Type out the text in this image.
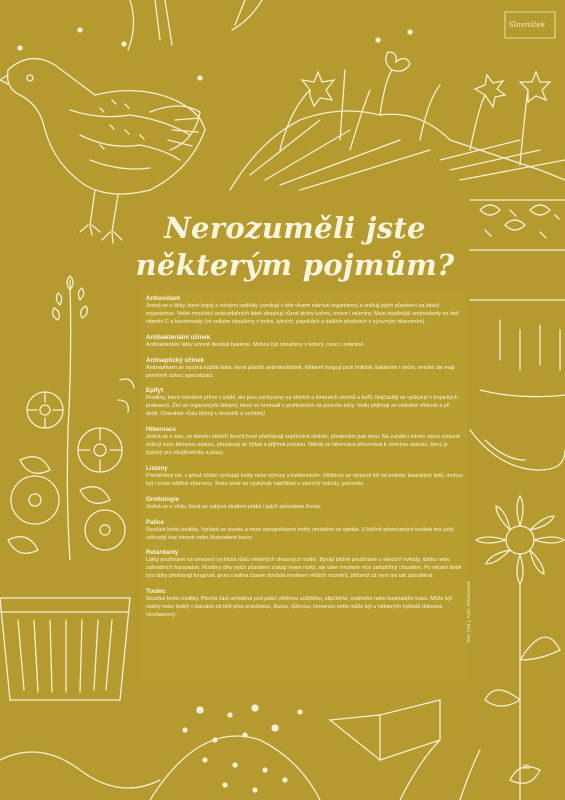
Slovníček
Nerozuměli jste
některým pojmům?

Antioxidant

Jedná se o látky, které bojují s volnými radikály (vznikají v těle vlivem stárnutí organismu) a snižují jejich působení na lidský organismus. Velké množství antioxidačních látek obsahují různé druhy koření, ovoce i zeleniny. Mezi nejsilnější antioxidanty se řadí vitamín C a karotenoidy (ve velkém obsaženy v mrkvi, tykvích, paprikách a dalších plodinách s výrazným zbarvením).

Antibakteriální účinek

Antibakteriální látky účinně likvidují bakterie. Mohou být obsaženy v koření, ovoci i zelenině.

Antiseptický účinek

Antiseptikem se nazývá každá látka, která působí antimikrobiálně. Některé fungují proti hnilobě, bakteriím i virům, mnohé ale mají poměrně úzkou specializaci.

Epifyt

Rostliny, které nekoření přímo v půdě, ale jsou zachyceny na větvích a kmenech stromů a keřů. Nejčastěji se vyskytují v tropických pralesech. Živí se organickými látkami, které se hromadí v prohlubních na povrchu kůry. Vodu přijímají ze vzdušné vlhkosti a při dešti. Charakter růstu běžný u bromélií a orchidejí.

Hibernace

Jedná se o stav, ve kterém někteří živočichové přečkávají nepříznivé období, především pak zimu. Na začátku tohoto stavu výrazně snižují svou tělesnou teplotu, přestávají se hýbat a přijímat potravu. Někdy se hibernace přirovnává k zimnímu spánku, který je typický pro obojživelníky a plazy.

Listeny

Přeměněný list, v jehož úžlabí vyrůstají květy nebo výhony s květenstvím. Většinou se výrazně liší od podoby klasických listů, mohou být i zcela odlišně zbarveny. Tento útvar se vyskytuje například u vánoční hvězdy, poinsetie.

Ornitologie

Jedná se o vědu, která se zabývá studiem ptáků i jejich způsobem života.

Palice

Součást květu toulitky. Vyrůstá ze stonku a nese oboupohlavné květy umístěné ve spirále. U běžně pěstovaných toulitek má úzký válcovitý tvar okrové nebo žlutozelené barvy.

Retardanty

Látky používané na omezení rychlosti růstu některých okrasných rostlin. Bývají běžně používané u vánoční hvězdy, ibišku nebo zahradních fozopadek. Rostliny díky jejich působení získají nejen nízký, ale také mnohem více zahuštěný charakter. Po nějaké době tyto látky přestávají fungovat, proto rostlina časem dorůstá mnohem větších rozměrů, přičemž už není ani tak zahuštěná.

Toulec

Součást květu toulitky. Plochá část umístěná pod palicí většinou srdčitého, elipčitého, oválného nebo kopinatého tvaru. Může být matný nebo lesklý v barvách od bílé přes oranžovou, žlutou, růžovou, červenou nebo může být u některých hybridů dokonce vícebarevný.	Text: (red.), Foto: Shutterstock
35
